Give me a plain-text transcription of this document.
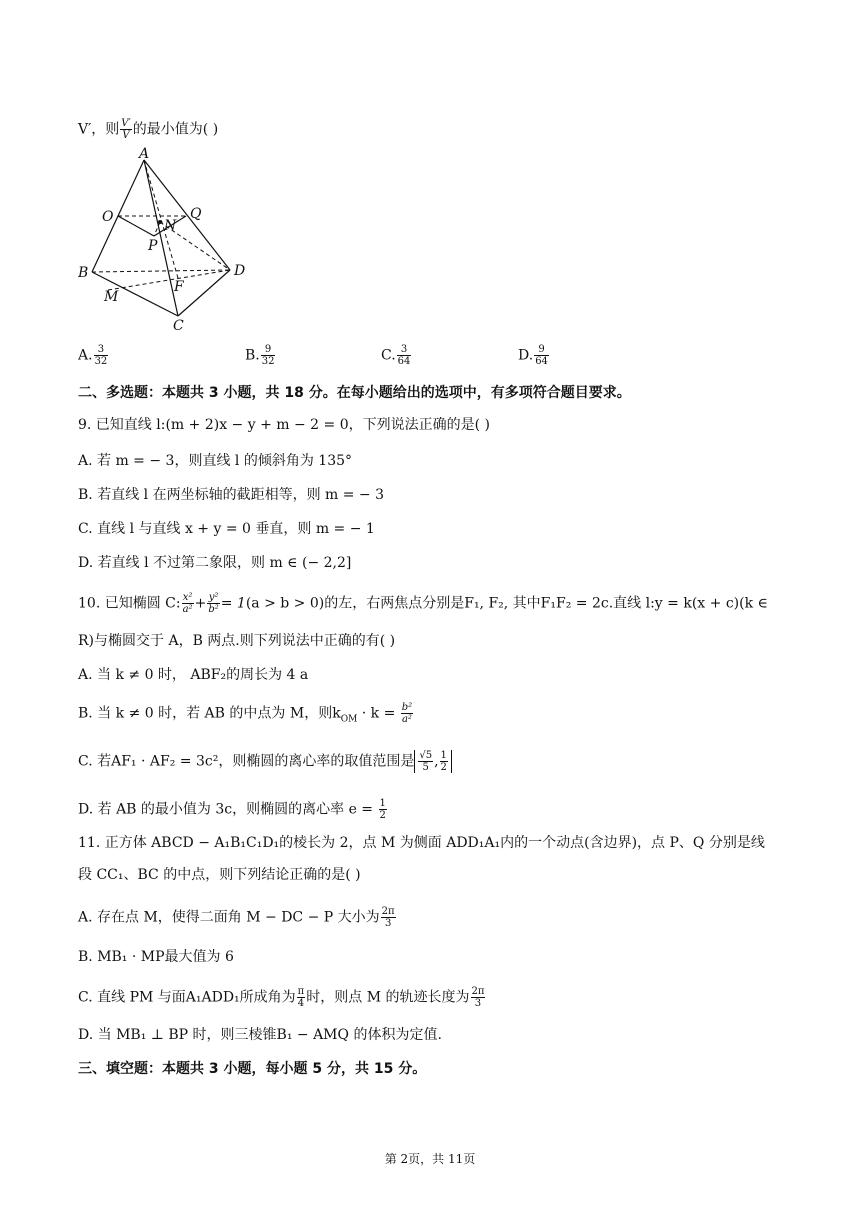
V′，则 $\frac{V'}{V}$ 的最小值为( )
A
O	Q
N
P
B	D
M
F
C
A. $\frac{3}{32}$	B. $\frac{9}{32}$	C. $\frac{3}{64}$	D. $\frac{9}{64}$
二、多选题：本题共 3 小题，共 18 分。在每小题给出的选项中，有多项符合题目要求。
9. 已知直线 l:(m + 2)x − y + m − 2 = 0，下列说法正确的是( )
A. 若 m = − 3，则直线 l 的倾斜角为 135°
B. 若直线 l 在两坐标轴的截距相等，则 m = − 3
C. 直线 l 与直线 x + y = 0 垂直，则 m = − 1
D. 若直线 l 不过第二象限，则 m ∈ (− 2,2]
10. 已知椭圆 C: $\frac{\text{x²}}{\text{a²}} + \frac{\text{y²}}{\text{b²}} = 1(a > b > 0)$的左，右两焦点分别是F₁, F₂, 其中F₁F₂ = 2c.直线 l:y = k(x + c)(k ∈
R)与椭圆交于 A，B 两点.则下列说法中正确的有( )
A. 当 k ≠ 0 时， ABF₂的周长为 4 a
B. 当 k ≠ 0 时，若 AB 的中点为 M，则$k_{OM} \cdot k = \frac{\text{b²}}{\text{a²}}$
C. 若AF₁ · AF₂ = 3c²，则椭圆的离心率的取值范围是 $\frac{√5}{5}$ , $\frac{1}{2}$
D. 若 AB 的最小值为 3c，则椭圆的离心率 $e = \frac{1}{2}$
11. 正方体 ABCD − A₁B₁C₁D₁的棱长为 2，点 M 为侧面 ADD₁A₁内的一个动点(含边界)，点 P、Q 分别是线
段 CC₁、BC 的中点，则下列结论正确的是( )
A. 存在点 M，使得二面角 M − DC − P 大小为 $\frac{2\pi}{3}$
B. MB₁ · MP最大值为 6
C. 直线 PM 与面A₁ADD₁所成角为 $\frac{\pi}{4}$ 时，则点 M 的轨迹长度为 $\frac{2\pi}{3}$
D. 当 MB₁ ⊥ BP 时，则三棱锥B₁ − AMQ 的体积为定值.
三、填空题：本题共 3 小题，每小题 5 分，共 15 分。
第 2页，共 11页
